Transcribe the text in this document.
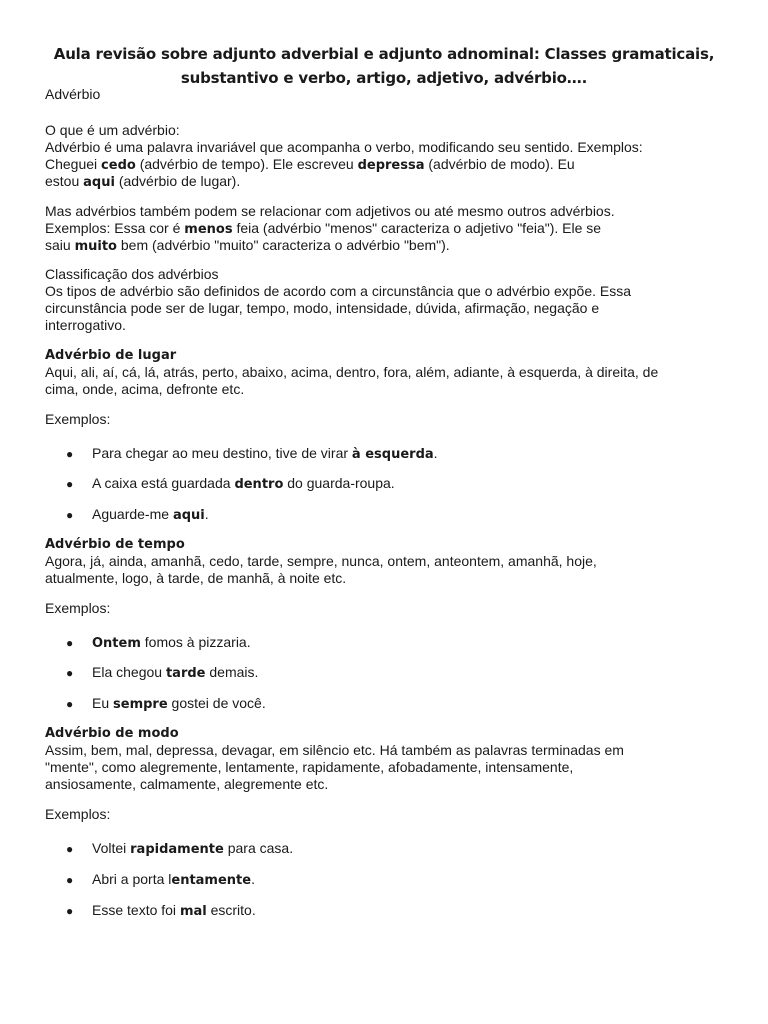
Aula revisão sobre adjunto adverbial e adjunto adnominal: Classes gramaticais,
substantivo e verbo, artigo, adjetivo, advérbio….
Advérbio
O que é um advérbio:
Advérbio é uma palavra invariável que acompanha o verbo, modificando seu sentido. Exemplos:
Cheguei cedo (advérbio de tempo). Ele escreveu depressa (advérbio de modo). Eu
estou aqui (advérbio de lugar).
Mas advérbios também podem se relacionar com adjetivos ou até mesmo outros advérbios.
Exemplos: Essa cor é menos feia (advérbio "menos" caracteriza o adjetivo "feia"). Ele se
saiu muito bem (advérbio "muito" caracteriza o advérbio "bem").
Classificação dos advérbios
Os tipos de advérbio são definidos de acordo com a circunstância que o advérbio expõe. Essa
circunstância pode ser de lugar, tempo, modo, intensidade, dúvida, afirmação, negação e
interrogativo.
Advérbio de lugar
Aqui, ali, aí, cá, lá, atrás, perto, abaixo, acima, dentro, fora, além, adiante, à esquerda, à direita, de
cima, onde, acima, defronte etc.
Exemplos:
● Para chegar ao meu destino, tive de virar à esquerda.
● A caixa está guardada dentro do guarda-roupa.
● Aguarde-me aqui.
Advérbio de tempo
Agora, já, ainda, amanhã, cedo, tarde, sempre, nunca, ontem, anteontem, amanhã, hoje,
atualmente, logo, à tarde, de manhã, à noite etc.
Exemplos:
● Ontem fomos à pizzaria.
● Ela chegou tarde demais.
● Eu sempre gostei de você.
Advérbio de modo
Assim, bem, mal, depressa, devagar, em silêncio etc. Há também as palavras terminadas em
"mente", como alegremente, lentamente, rapidamente, afobadamente, intensamente,
ansiosamente, calmamente, alegremente etc.
Exemplos:
● Voltei rapidamente para casa.
● Abri a porta lentamente.
● Esse texto foi mal escrito.
